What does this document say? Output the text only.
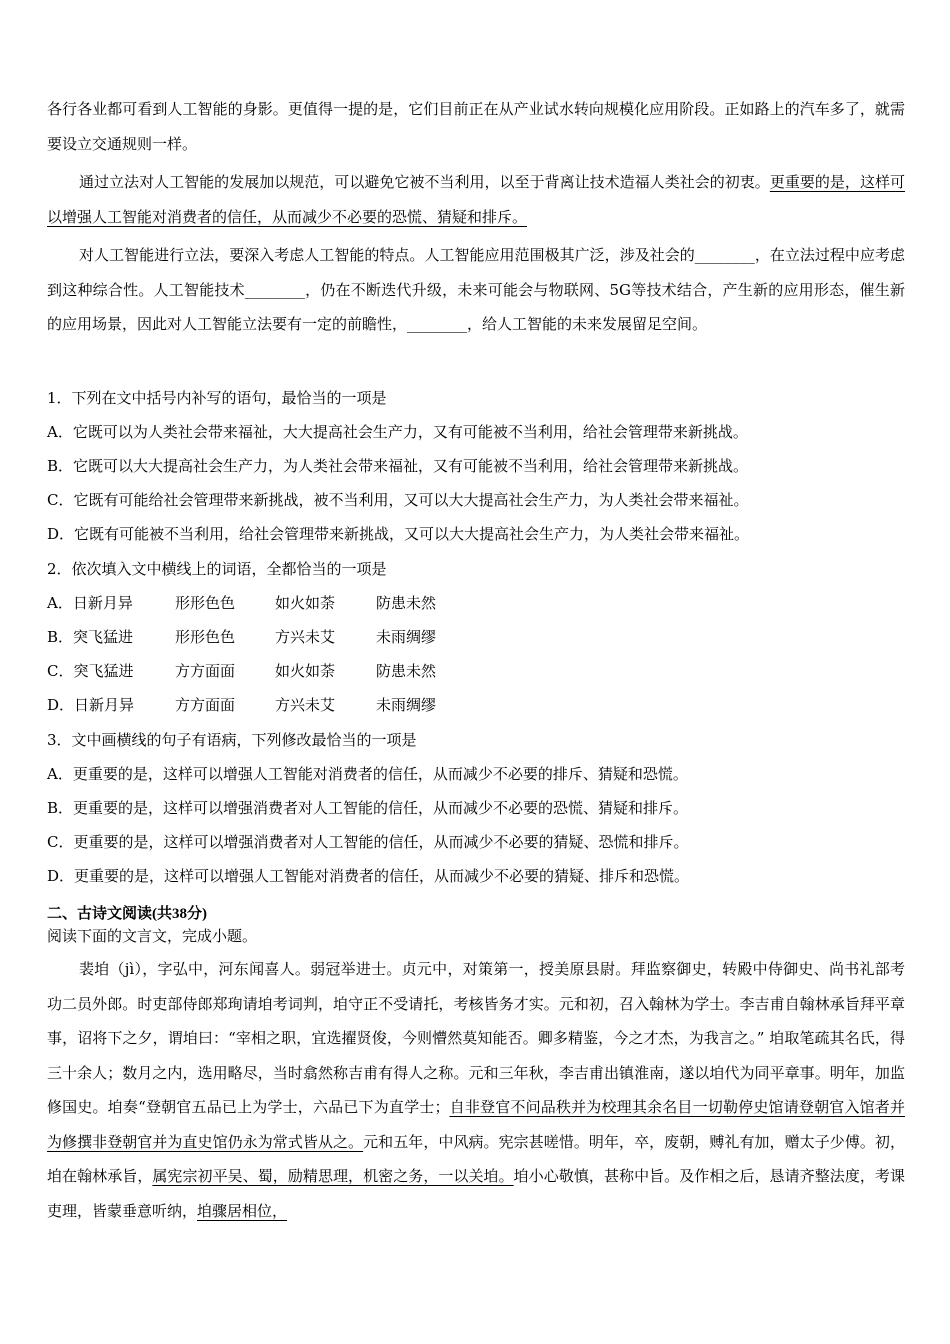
各行各业都可看到人工智能的身影。更值得一提的是，它们目前正在从产业试水转向规模化应用阶段。正如路上的汽车多了，就需要设立交通规则一样。

通过立法对人工智能的发展加以规范，可以避免它被不当利用，以至于背离让技术造福人类社会的初衷。更重要的是，这样可以增强人工智能对消费者的信任，从而减少不必要的恐慌、猜疑和排斥。

对人工智能进行立法，要深入考虑人工智能的特点。人工智能应用范围极其广泛，涉及社会的________，在立法过程中应考虑到这种综合性。人工智能技术________，仍在不断迭代升级，未来可能会与物联网、5G等技术结合，产生新的应用形态，催生新的应用场景，因此对人工智能立法要有一定的前瞻性，________，给人工智能的未来发展留足空间。

1．下列在文中括号内补写的语句，最恰当的一项是
A．它既可以为人类社会带来福祉，大大提高社会生产力，又有可能被不当利用，给社会管理带来新挑战。
B．它既可以大大提高社会生产力，为人类社会带来福祉，又有可能被不当利用，给社会管理带来新挑战。
C．它既有可能给社会管理带来新挑战，被不当利用，又可以大大提高社会生产力，为人类社会带来福祉。
D．它既有可能被不当利用，给社会管理带来新挑战，又可以大大提高社会生产力，为人类社会带来福祉。
2．依次填入文中横线上的词语，全都恰当的一项是
A．日新月异	形形色色	如火如荼	防患未然
B．突飞猛进	形形色色	方兴未艾	未雨绸缪
C．突飞猛进	方方面面	如火如荼	防患未然
D．日新月异	方方面面	方兴未艾	未雨绸缪
3．文中画横线的句子有语病，下列修改最恰当的一项是
A．更重要的是，这样可以增强人工智能对消费者的信任，从而减少不必要的排斥、猜疑和恐慌。
B．更重要的是，这样可以增强消费者对人工智能的信任，从而减少不必要的恐慌、猜疑和排斥。
C．更重要的是，这样可以增强消费者对人工智能的信任，从而减少不必要的猜疑、恐慌和排斥。
D．更重要的是，这样可以增强人工智能对消费者的信任，从而减少不必要的猜疑、排斥和恐慌。
二、古诗文阅读(共38分)
阅读下面的文言文，完成小题。

裴垍（jì），字弘中，河东闻喜人。弱冠举进士。贞元中，对策第一，授美原县尉。拜监察御史，转殿中侍御史、尚书礼部考功二员外郎。时吏部侍郎郑珣请垍考词判，垍守正不受请托，考核皆务才实。元和初，召入翰林为学士。李吉甫自翰林承旨拜平章事，诏将下之夕，谓垍曰：“宰相之职，宜选擢贤俊，今则懵然莫知能否。卿多精鉴，今之才杰，为我言之。” 垍取笔疏其名氏，得三十余人；数月之内，选用略尽，当时翕然称吉甫有得人之称。元和三年秋，李吉甫出镇淮南，遂以垍代为同平章事。明年，加监修国史。垍奏“登朝官五品已上为学士，六品已下为直学士；自非登官不问品秩并为校理其余名目一切勒停史馆请登朝官入馆者并为修撰非登朝官并为直史馆仍永为常式皆从之。元和五年，中风病。宪宗甚嗟惜。明年，卒，废朝，赙礼有加，赠太子少傅。初，垍在翰林承旨，属宪宗初平吴、蜀，励精思理，机密之务，一以关垍。垍小心敬慎，甚称中旨。及作相之后，恳请齐整法度，考课吏理，皆蒙垂意听纳，垍骤居相位，
